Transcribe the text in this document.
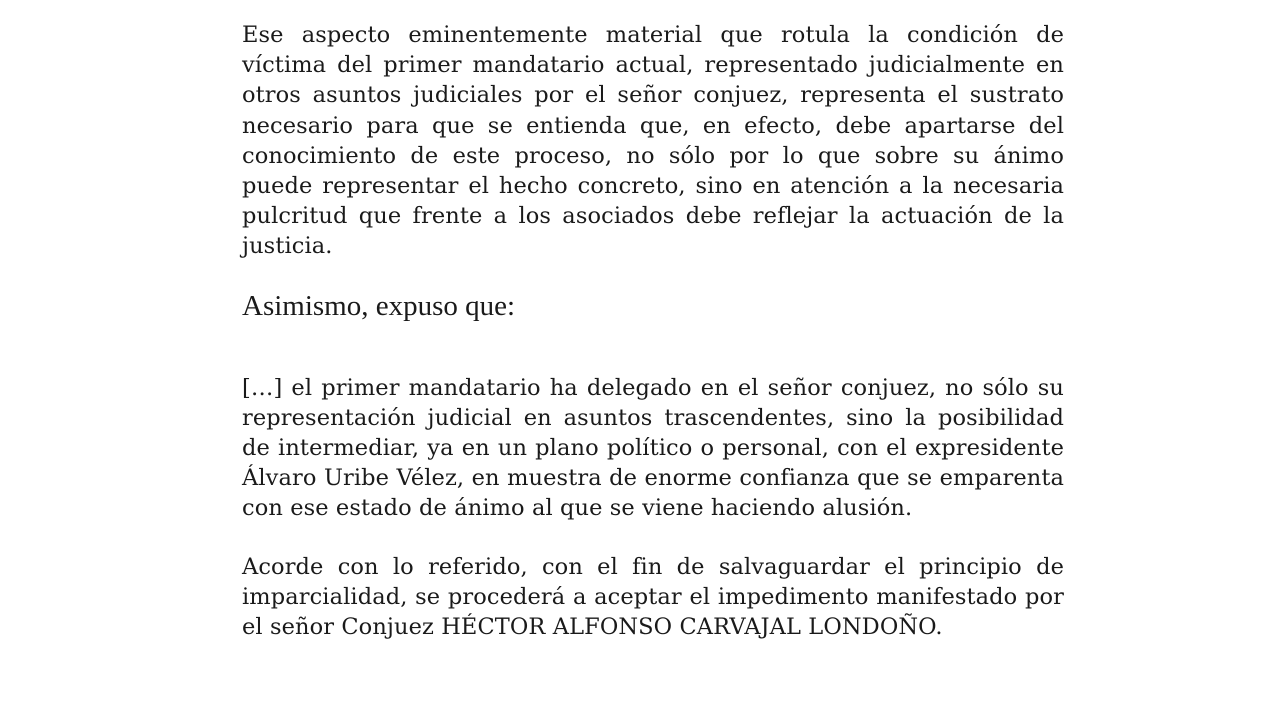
Ese aspecto eminentemente material que rotula la condición de víctima del primer mandatario actual, representado judicialmente en otros asuntos judiciales por el señor conjuez, representa el sustrato necesario para que se entienda que, en efecto, debe apartarse del conocimiento de este proceso, no sólo por lo que sobre su ánimo puede representar el hecho concreto, sino en atención a la necesaria pulcritud que frente a los asociados debe reflejar la actuación de la justicia.

Asimismo, expuso que:

[…] el primer mandatario ha delegado en el señor conjuez, no sólo su representación judicial en asuntos trascendentes, sino la posibilidad de intermediar, ya en un plano político o personal, con el expresidente Álvaro Uribe Vélez, en muestra de enorme confianza que se emparenta con ese estado de ánimo al que se viene haciendo alusión.

Acorde con lo referido, con el fin de salvaguardar el principio de imparcialidad, se procederá a aceptar el impedimento manifestado por el señor Conjuez HÉCTOR ALFONSO CARVAJAL LONDOÑO.
